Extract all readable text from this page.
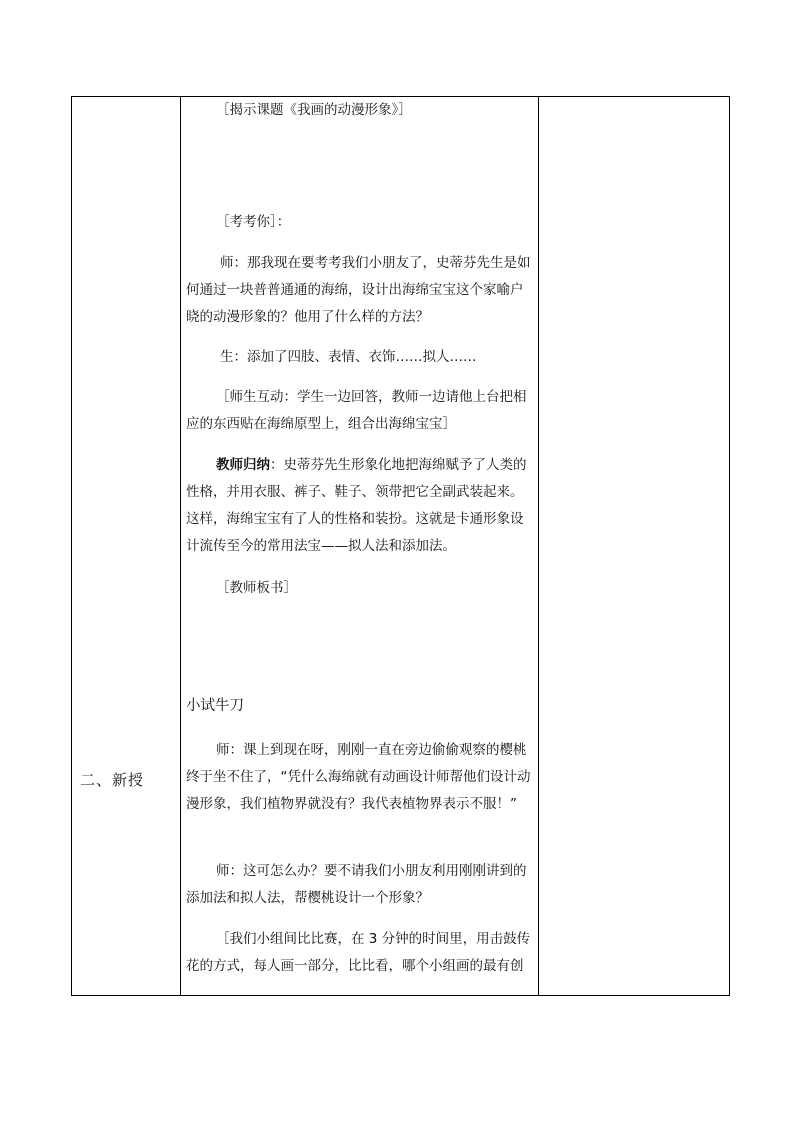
二、新授

［揭示课题《我画的动漫形象》］

［考考你］：

师：那我现在要考考我们小朋友了，史蒂芬先生是如何通过一块普普通通的海绵，设计出海绵宝宝这个家喻户晓的动漫形象的？他用了什么样的方法？

生：添加了四肢、表情、衣饰……拟人……

［师生互动：学生一边回答，教师一边请他上台把相应的东西贴在海绵原型上，组合出海绵宝宝］

教师归纳：史蒂芬先生形象化地把海绵赋予了人类的性格，并用衣服、裤子、鞋子、领带把它全副武装起来。这样，海绵宝宝有了人的性格和装扮。这就是卡通形象设计流传至今的常用法宝——拟人法和添加法。

［教师板书］

小试牛刀

师：课上到现在呀，刚刚一直在旁边偷偷观察的樱桃终于坐不住了，“凭什么海绵就有动画设计师帮他们设计动漫形象，我们植物界就没有？我代表植物界表示不服！”

师：这可怎么办？要不请我们小朋友利用刚刚讲到的添加法和拟人法，帮樱桃设计一个形象？

［我们小组间比比赛，在 3 分钟的时间里，用击鼓传花的方式，每人画一部分，比比看，哪个小组画的最有创
